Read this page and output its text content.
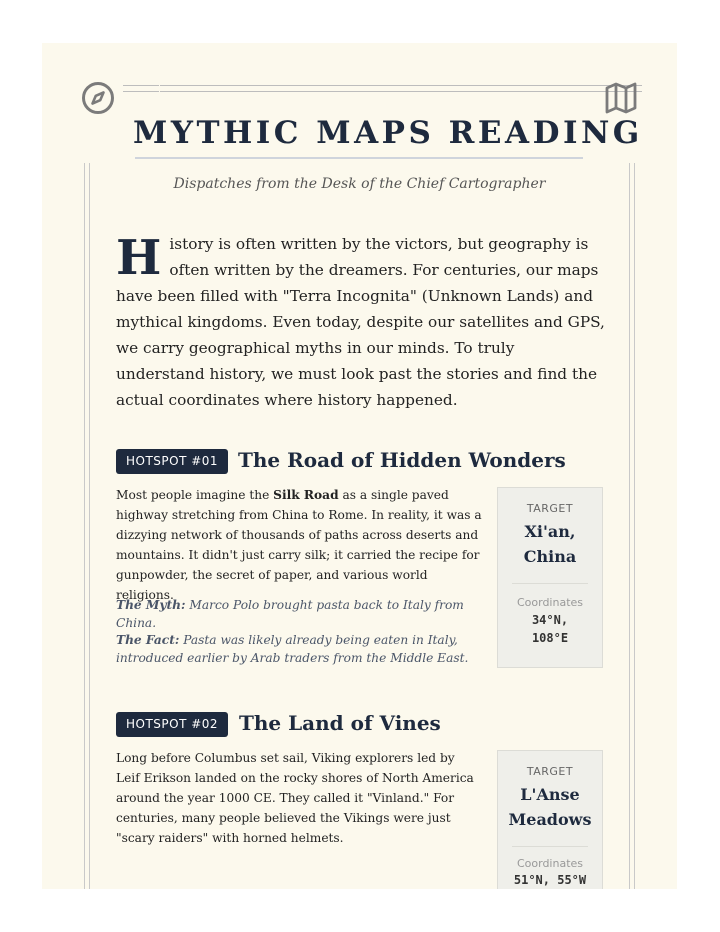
MYTHIC MAPS READING

Dispatches from the Desk of the Chief Cartographer

History is often written by the victors, but geography is often written by the dreamers. For centuries, our maps have been filled with "Terra Incognita" (Unknown Lands) and mythical kingdoms. Even today, despite our satellites and GPS, we carry geographical myths in our minds. To truly understand history, we must look past the stories and find the actual coordinates where history happened.

HOTSPOT #01 The Road of Hidden Wonders

Most people imagine the Silk Road as a single paved highway stretching from China to Rome. In reality, it was a dizzying network of thousands of paths across deserts and mountains. It didn't just carry silk; it carried the recipe for gunpowder, the secret of paper, and various world religions.

The Myth: Marco Polo brought pasta back to Italy from China.
The Fact: Pasta was likely already being eaten in Italy, introduced earlier by Arab traders from the Middle East.

TARGET
Xi'an, China
Coordinates
34°N, 108°E
HOTSPOT #02	The Land of Vines

Long before Columbus set sail, Viking explorers led by Leif Erikson landed on the rocky shores of North America around the year 1000 CE. They called it "Vinland." For centuries, many people believed the Vikings were just "scary raiders" with horned helmets.

TARGET
L'Anse Meadows
Coordinates
51°N, 55°W
